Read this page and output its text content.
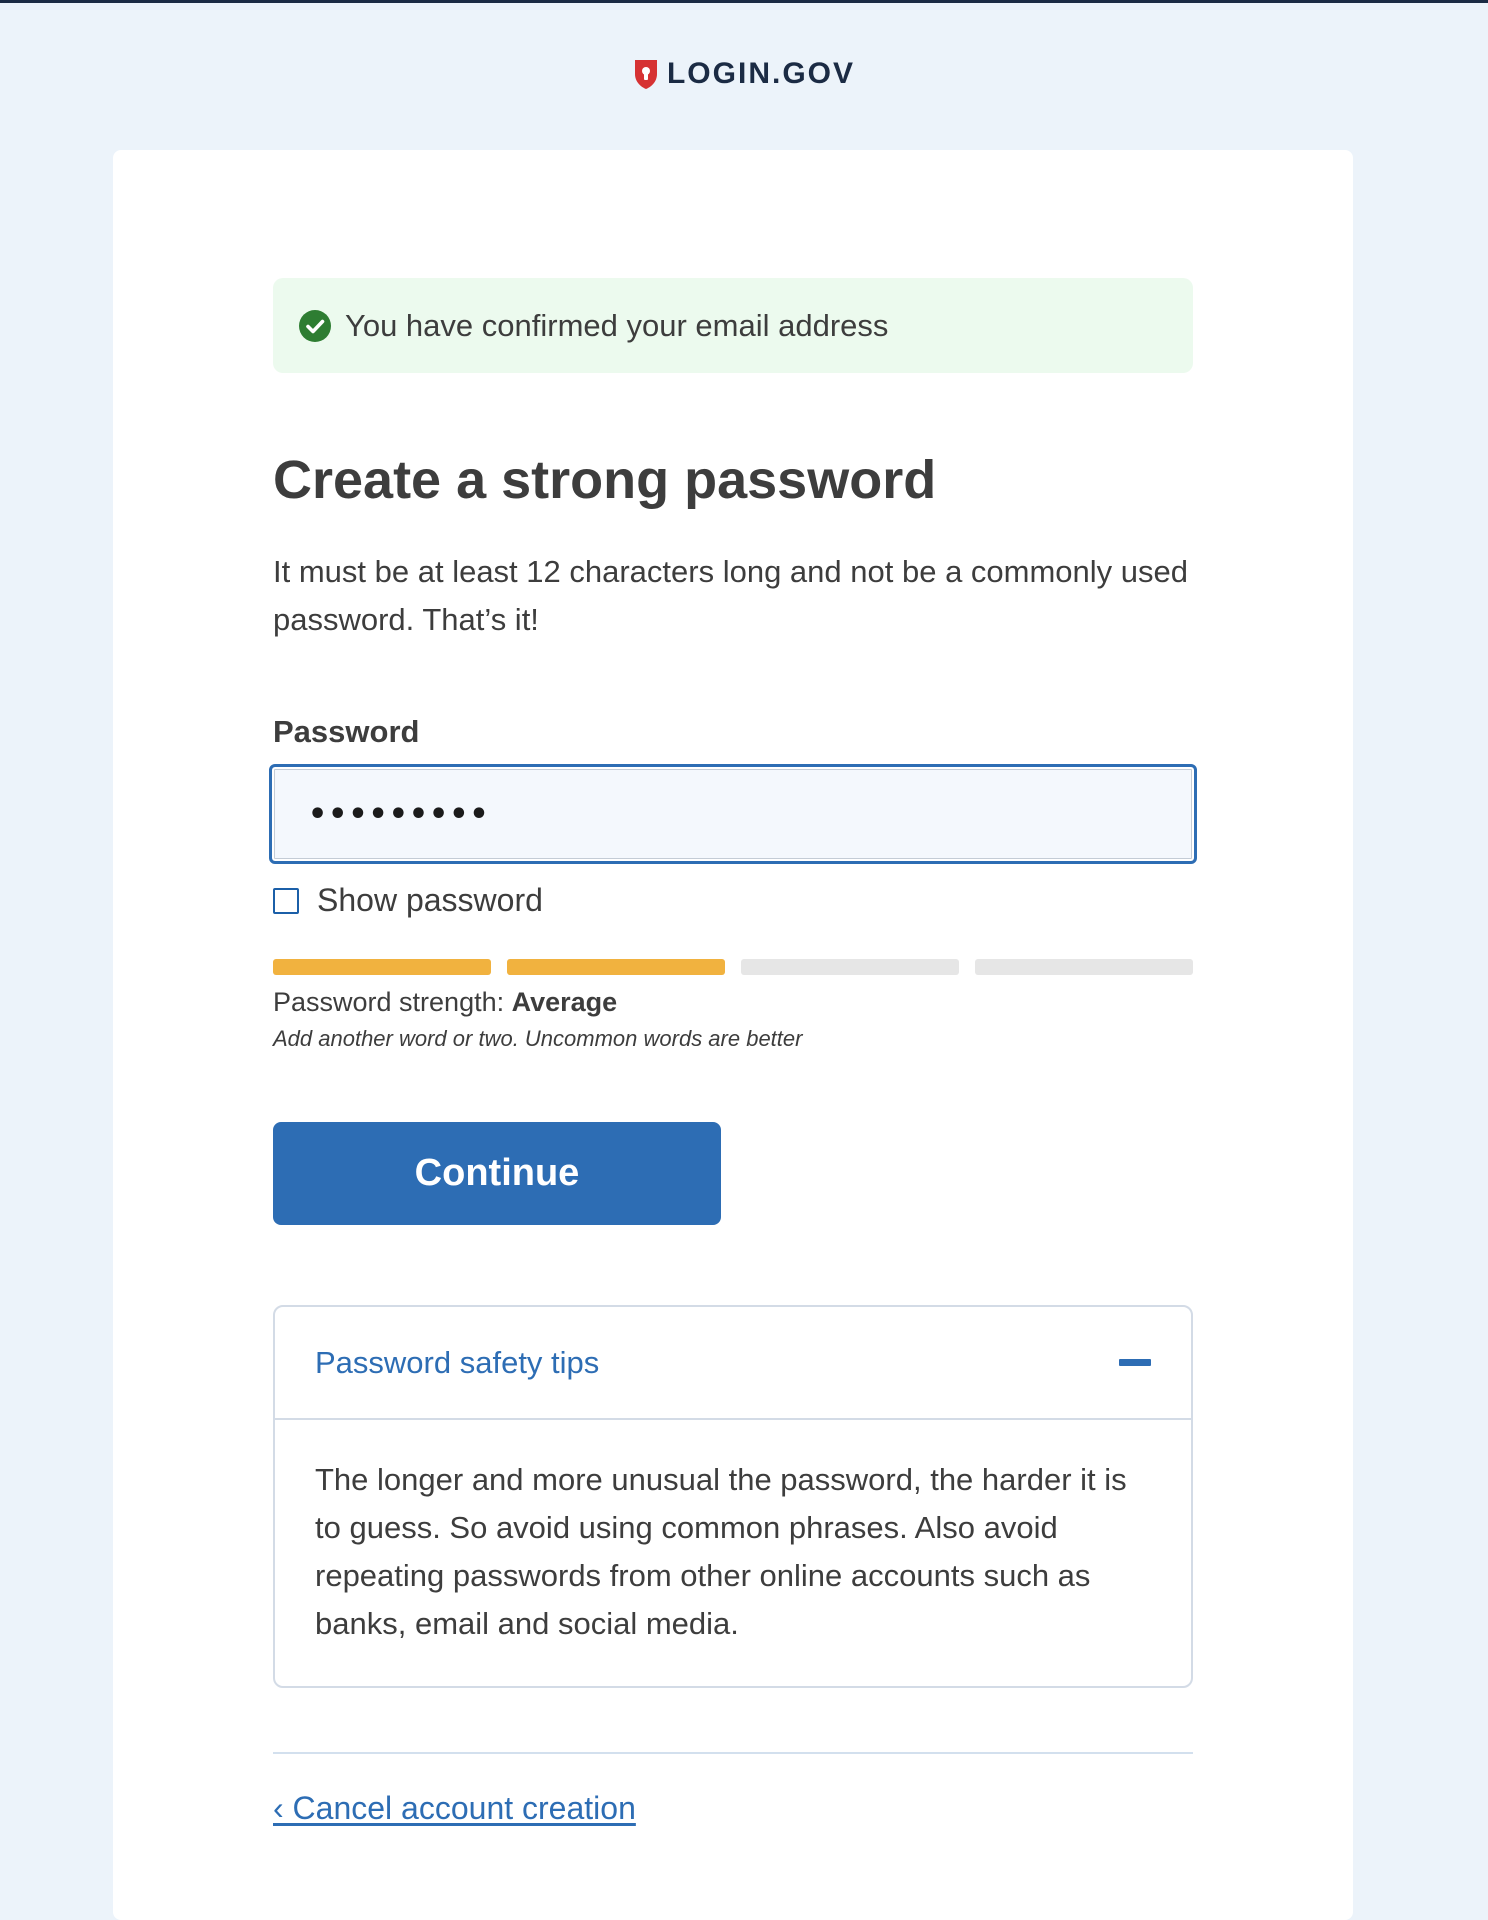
LOGIN.GOV
You have confirmed your email address
Create a strong password
It must be at least 12 characters long and not be a commonly used password. That’s it!
Password
•••••••••
Show password
Password strength: Average
Add another word or two. Uncommon words are better
Continue
Password safety tips
The longer and more unusual the password, the harder it is to guess. So avoid using common phrases. Also avoid repeating passwords from other online accounts such as banks, email and social media.
‹ Cancel account creation
